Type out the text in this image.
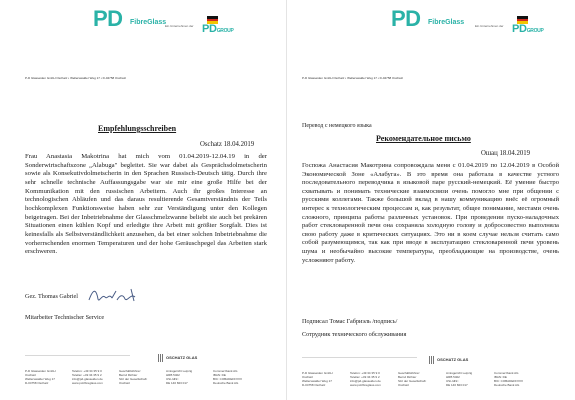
PD FibreGlass
Ein Unternehmen der PDGROUP
P-D Glasseiden GmbH Oschatz • Wellerswalder Weg 17 • D-04758 Oschatz
Empfehlungsschreiben
Oschatz 18.04.2019
Frau Anastasia Makotrina hat mich vom 01.04.2019-12.04.19 in der Sonderwirtschaftszone „Alabuga" begleitet. Sie war dabei als Gesprächsdolmetscherin sowie als Konsekutivdolmetscherin in den Sprachen Russisch-Deutsch tätig. Durch ihre sehr schnelle technische Auffassungsgabe war sie mir eine große Hilfe bei der Kommunikation mit den russischen Arbeitern. Auch ihr großes Interesse an technologischen Abläufen und das daraus resultierende Gesamtverständnis der Teils hochkomplexen Funktionsweise haben sehr zur Verständigung unter den Kollegen beigetragen. Bei der Inbetriebnahme der Glasschmelzwanne beliebt sie auch bei prekären Situationen einen kühlen Kopf und erledigte ihre Arbeit mit größter Sorgfalt. Dies ist keinesfalls als Selbstverständlichkeit anzusehen, da bei einer solchen Inbetriebnahme die vorherrschenden enormen Temperaturen und der hohe Geräuschpegel das Arbeiten stark erschweren.
Gez. Thomas Gabriel
Mitarbeiter Technischer Service
OSCHATZ GLAS
P-D Glasseiden GmbH
Oschatz
Wellerswalder Weg 17
D-04758 Oschatz
Telefon: +49 34 35 9 0
Telefax: +49 34 35 9 2
info@pd-glasseiden.de
www.pd-fibreglass.com
Geschäftsführer:
Bernd Richter
Sitz der Gesellschaft:
Oschatz
Amtsgericht Leipzig
HRB 5402
USt-IdNr.:
DE 140 823 017
Commerzbank AG
IBAN: DE
BIC: COBADEFFXXX
Deutsche Bank AG
PD FibreGlass	Ein Unternehmen der PDGROUP
P-D Glasseiden GmbH Oschatz • Wellerswalder Weg 17 • D-04758 Oschatz
Перевод с немецкого языка
Рекомендательное письмо
Ошац 18.04.2019
Госпожа Анастасия Макотрина сопровождала меня с 01.04.2019 по 12.04.2019 в Особой Экономической Зоне «Алабуга». В это время она работала в качестве устного последовательного переводчика в языковой паре русский-немецкий. Её умение быстро схватывать и понимать технические взаимосвязи очень помогло мне при общении с русскими коллегами. Также большой вклад в нашу коммуникацию внёс её огромный интерес к технологическим процессам и, как результат, общее понимание, местами очень сложного, принципа работы различных установок. При проведении пуско-наладочных работ стекловаренной печи она сохраняла холодную голову и добросовестно выполняла свою работу даже в критических ситуациях. Это ни в коем случае нельзя считать само собой разумеющимся, так как при вводе в эксплуатацию стекловаренной печи уровень шума и необычайно высокие температуры, преобладающие на производстве, очень усложняют работу.
Подписал Томас Габриэль /подпись/
Сотрудник технического обслуживания
OSCHATZ GLAS
P-D Glasseiden GmbH
Oschatz
Wellerswalder Weg 17
D-04758 Oschatz
Telefon: +49 34 35 9 0
Telefax: +49 34 35 9 2
info@pd-glasseiden.de
www.pd-fibreglass.com
Geschäftsführer:
Bernd Richter
Sitz der Gesellschaft:
Oschatz
Amtsgericht Leipzig
HRB 5402
USt-IdNr.:
DE 140 823 017
Commerzbank AG
IBAN: DE
BIC: COBADEFFXXX
Deutsche Bank AG
